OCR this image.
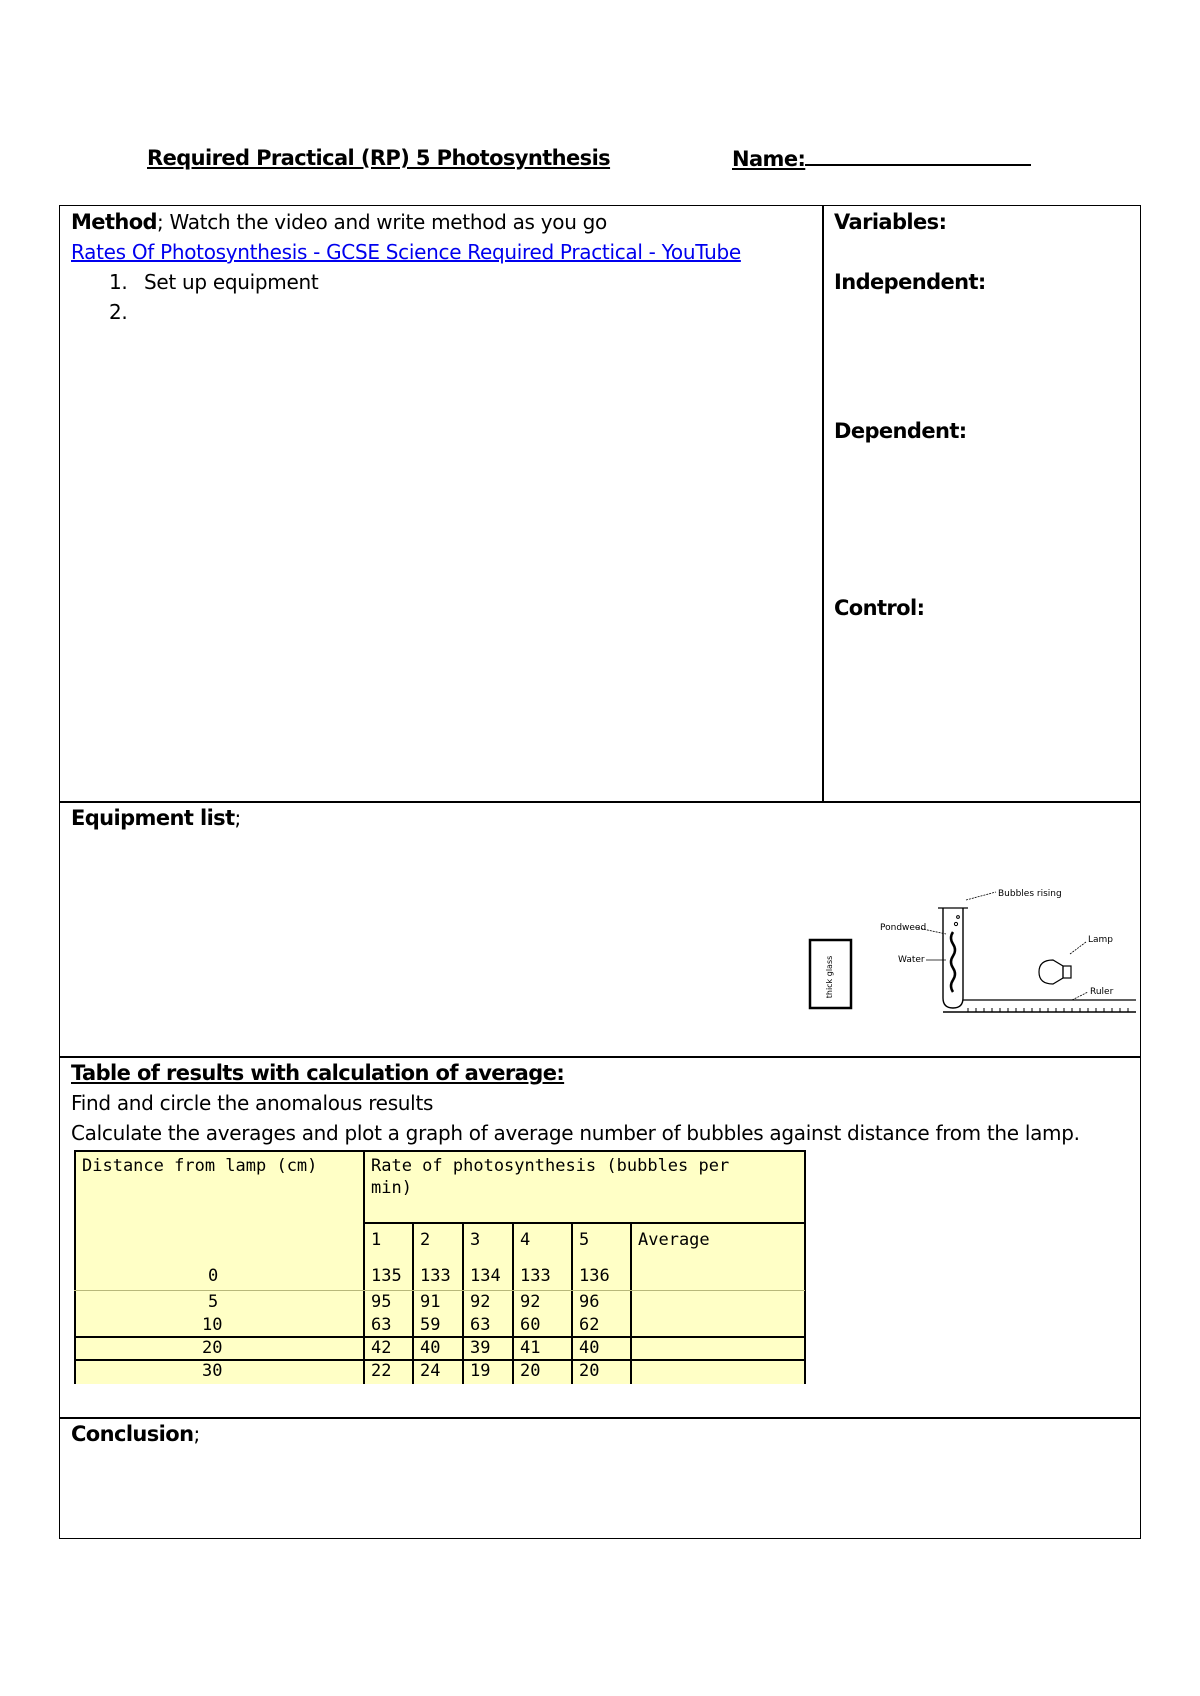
Required Practical (RP) 5 Photosynthesis	Name:
Method; Watch the video and write method as you go
Rates Of Photosynthesis - GCSE Science Required Practical - YouTube
1. Set up equipment
2.
Variables:
Independent:
Dependent:
Control:
Equipment list;
thick glass
Bubbles rising
Pondweed
Water
Lamp
Ruler
Table of results with calculation of average:
Find and circle the anomalous results
Calculate the averages and plot a graph of average number of bubbles against distance from the lamp.
Distance from lamp (cm)	Rate of photosynthesis (bubbles per
min)
1 2 3 4	5	Average
0	135 133 134 133 136
5	95 91 92 92 96
10	63 59 63 60 62
20	42 40 39 41 40
30	22 24 19 20 20
Conclusion;
